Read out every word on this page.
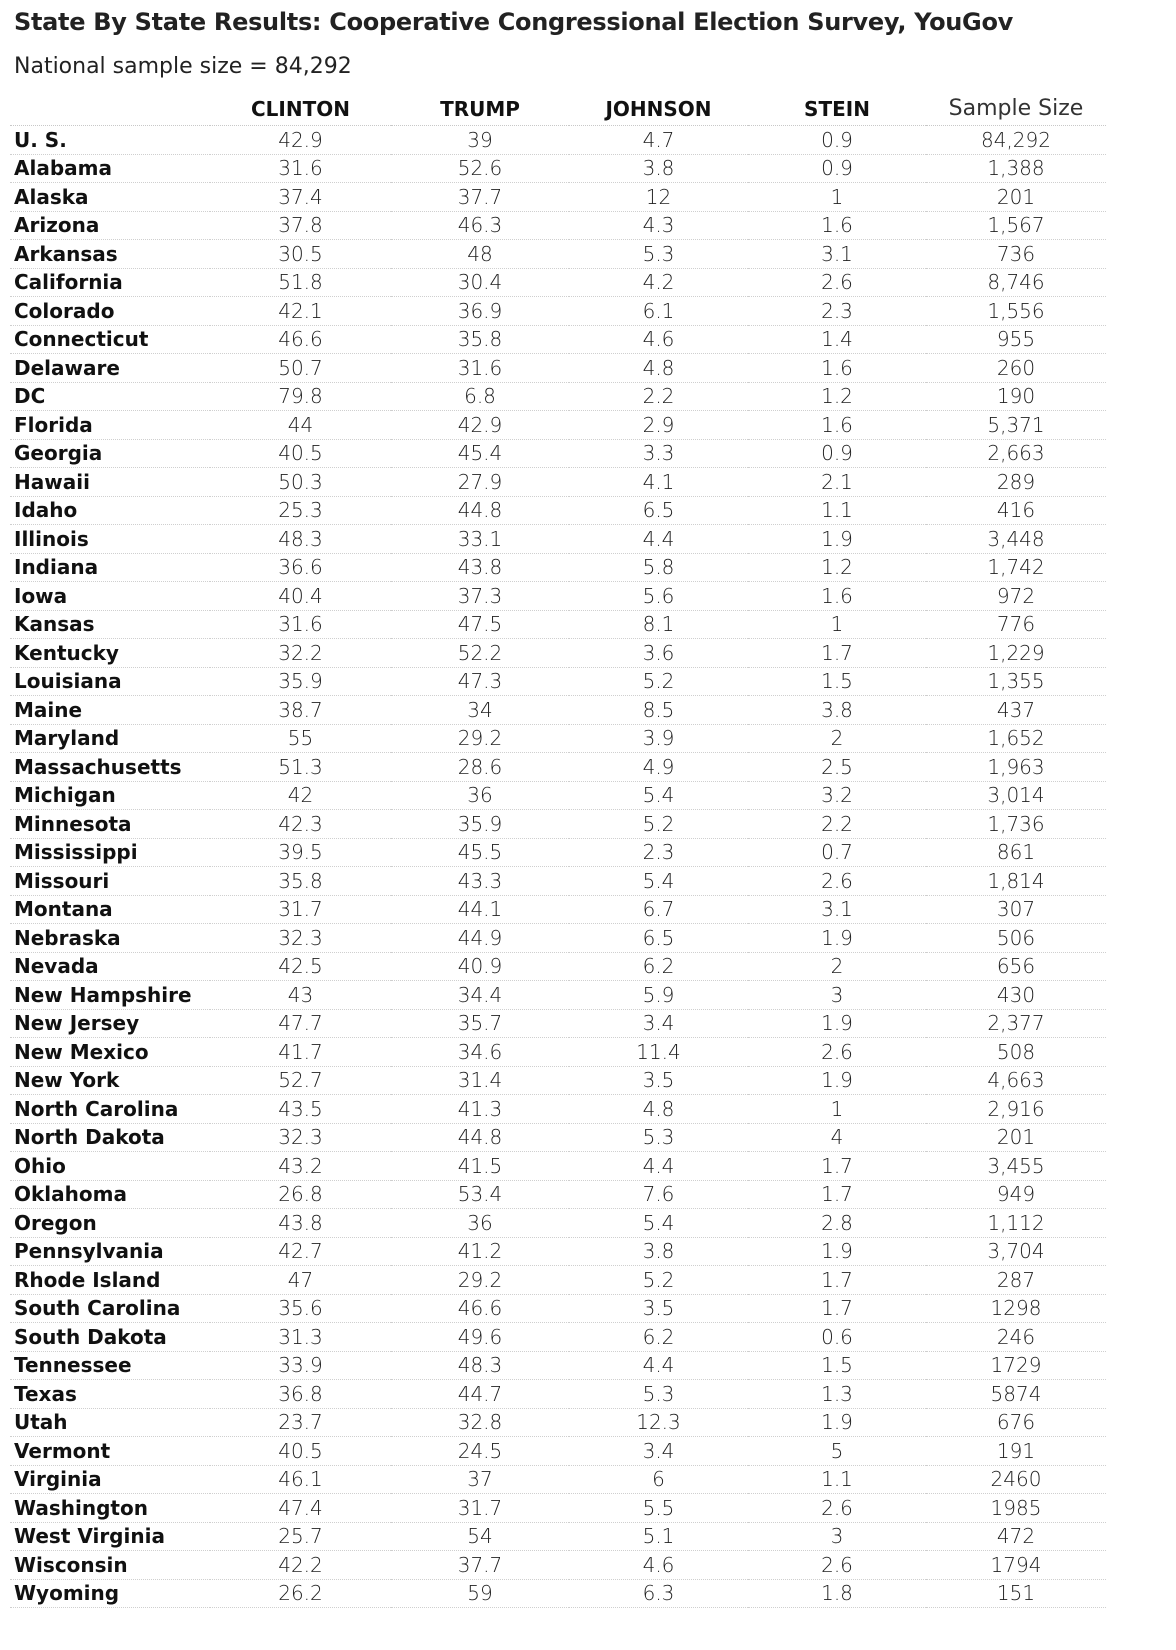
State By State Results: Cooperative Congressional Election Survey, YouGov
National sample size = 84,292
	CLINTON	TRUMP	JOHNSON	STEIN	Sample Size
U. S.	42.9	39	4.7	0.9	84,292
Alabama	31.6	52.6	3.8	0.9	1,388
Alaska	37.4	37.7	12	1	201
Arizona	37.8	46.3	4.3	1.6	1,567
Arkansas	30.5	48	5.3	3.1	736
California	51.8	30.4	4.2	2.6	8,746
Colorado	42.1	36.9	6.1	2.3	1,556
Connecticut	46.6	35.8	4.6	1.4	955
Delaware	50.7	31.6	4.8	1.6	260
DC	79.8	6.8	2.2	1.2	190
Florida	44	42.9	2.9	1.6	5,371
Georgia	40.5	45.4	3.3	0.9	2,663
Hawaii	50.3	27.9	4.1	2.1	289
Idaho	25.3	44.8	6.5	1.1	416
Illinois	48.3	33.1	4.4	1.9	3,448
Indiana	36.6	43.8	5.8	1.2	1,742
Iowa	40.4	37.3	5.6	1.6	972
Kansas	31.6	47.5	8.1	1	776
Kentucky	32.2	52.2	3.6	1.7	1,229
Louisiana	35.9	47.3	5.2	1.5	1,355
Maine	38.7	34	8.5	3.8	437
Maryland	55	29.2	3.9	2	1,652
Massachusetts	51.3	28.6	4.9	2.5	1,963
Michigan	42	36	5.4	3.2	3,014
Minnesota	42.3	35.9	5.2	2.2	1,736
Mississippi	39.5	45.5	2.3	0.7	861
Missouri	35.8	43.3	5.4	2.6	1,814
Montana	31.7	44.1	6.7	3.1	307
Nebraska	32.3	44.9	6.5	1.9	506
Nevada	42.5	40.9	6.2	2	656
New Hampshire	43	34.4	5.9	3	430
New Jersey	47.7	35.7	3.4	1.9	2,377
New Mexico	41.7	34.6	11.4	2.6	508
New York	52.7	31.4	3.5	1.9	4,663
North Carolina	43.5	41.3	4.8	1	2,916
North Dakota	32.3	44.8	5.3	4	201
Ohio	43.2	41.5	4.4	1.7	3,455
Oklahoma	26.8	53.4	7.6	1.7	949
Oregon	43.8	36	5.4	2.8	1,112
Pennsylvania	42.7	41.2	3.8	1.9	3,704
Rhode Island	47	29.2	5.2	1.7	287
South Carolina	35.6	46.6	3.5	1.7	1298
South Dakota	31.3	49.6	6.2	0.6	246
Tennessee	33.9	48.3	4.4	1.5	1729
Texas	36.8	44.7	5.3	1.3	5874
Utah	23.7	32.8	12.3	1.9	676
Vermont	40.5	24.5	3.4	5	191
Virginia	46.1	37	6	1.1	2460
Washington	47.4	31.7	5.5	2.6	1985
West Virginia	25.7	54	5.1	3	472
Wisconsin	42.2	37.7	4.6	2.6	1794
Wyoming	26.2	59	6.3	1.8	151
